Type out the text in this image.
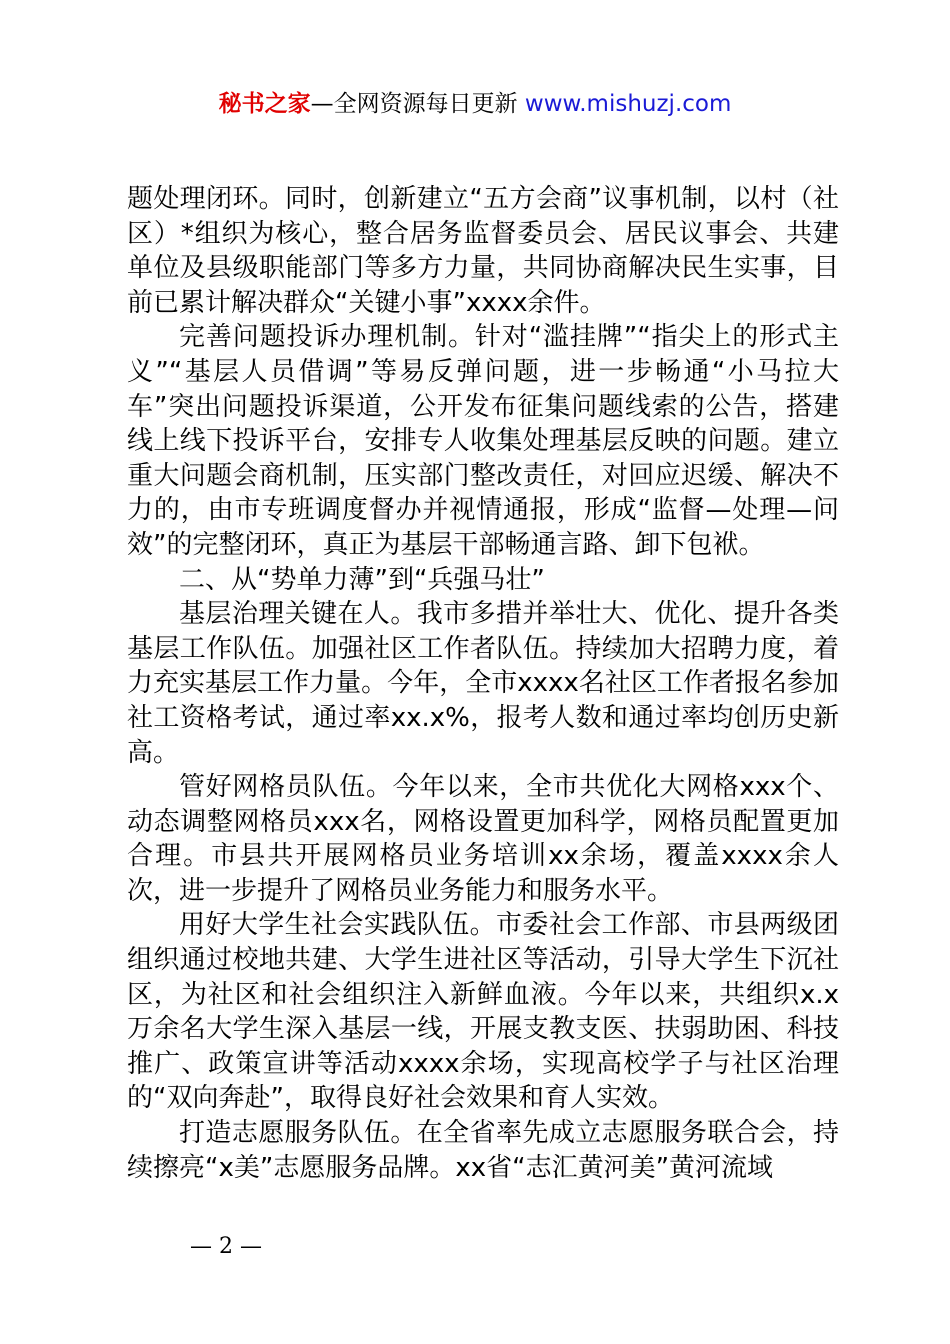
秘书之家—全网资源每日更新 www.mishuzj.com

题处理闭环。同时，创新建立“五方会商”议事机制，以村（社区）*组织为核心，整合居务监督委员会、居民议事会、共建单位及县级职能部门等多方力量，共同协商解决民生实事，目前已累计解决群众“关键小事”xxxx余件。

完善问题投诉办理机制。针对“滥挂牌”“指尖上的形式主义”“基层人员借调”等易反弹问题，进一步畅通“小马拉大车”突出问题投诉渠道，公开发布征集问题线索的公告，搭建线上线下投诉平台，安排专人收集处理基层反映的问题。建立重大问题会商机制，压实部门整改责任，对回应迟缓、解决不力的，由市专班调度督办并视情通报，形成“监督—处理—问效”的完整闭环，真正为基层干部畅通言路、卸下包袱。

二、从“势单力薄”到“兵强马壮”

基层治理关键在人。我市多措并举壮大、优化、提升各类基层工作队伍。加强社区工作者队伍。持续加大招聘力度，着力充实基层工作力量。今年，全市xxxx名社区工作者报名参加社工资格考试，通过率xx.x%，报考人数和通过率均创历史新高。

管好网格员队伍。今年以来，全市共优化大网格xxx个、动态调整网格员xxx名，网格设置更加科学，网格员配置更加合理。市县共开展网格员业务培训xx余场，覆盖xxxx余人次，进一步提升了网格员业务能力和服务水平。

用好大学生社会实践队伍。市委社会工作部、市县两级团组织通过校地共建、大学生进社区等活动，引导大学生下沉社区，为社区和社会组织注入新鲜血液。今年以来，共组织x.x万余名大学生深入基层一线，开展支教支医、扶弱助困、科技推广、政策宣讲等活动xxxx余场，实现高校学子与社区治理的“双向奔赴”，取得良好社会效果和育人实效。

打造志愿服务队伍。在全省率先成立志愿服务联合会，持续擦亮“x美”志愿服务品牌。xx省“志汇黄河美”黄河流域

— 2 —
